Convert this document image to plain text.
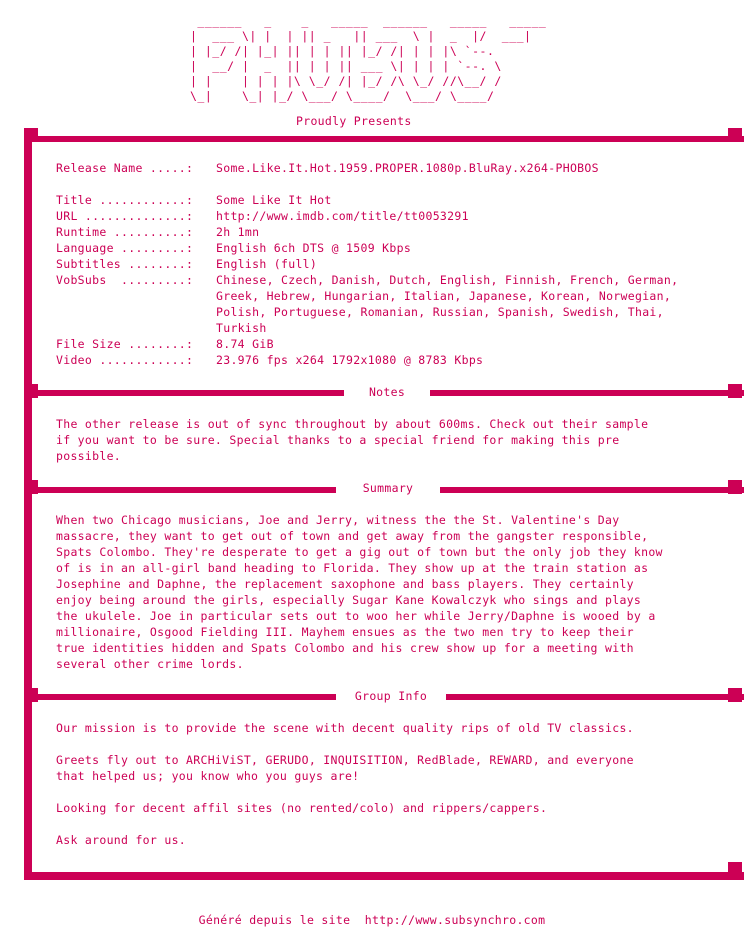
______   _    _   _____  ______   _____   _____
|  ___ \| |  | || _   || ___  \ |  _  |/  ___|
| |_/ /| |_| || | | || |_/ /| | | |\ `--.
|  __/ |  _  || | | || ___ \| | | | `--. \
| |    | | | |\ \_/ /| |_/ /\ \_/ //\__/ /
\_|    \_| |_/ \___/ \____/  \___/ \____/
Proudly Presents
Release Name .....:	Some.Like.It.Hot.1959.PROPER.1080p.BluRay.x264-PHOBOS
Title ............:	Some Like It Hot
URL ..............:	http://www.imdb.com/title/tt0053291
Runtime ..........:	2h 1mn
Language .........:	English 6ch DTS @ 1509 Kbps
Subtitles ........:	English (full)
VobSubs  .........:	Chinese, Czech, Danish, Dutch, English, Finnish, French, German,
Greek, Hebrew, Hungarian, Italian, Japanese, Korean, Norwegian,
Polish, Portuguese, Romanian, Russian, Spanish, Swedish, Thai,
Turkish
File Size ........:	8.74 GiB
Video ............:	23.976 fps x264 1792x1080 @ 8783 Kbps
Notes
The other release is out of sync throughout by about 600ms. Check out their sample
if you want to be sure. Special thanks to a special friend for making this pre
possible.
Summary
When two Chicago musicians, Joe and Jerry, witness the the St. Valentine's Day
massacre, they want to get out of town and get away from the gangster responsible,
Spats Colombo. They're desperate to get a gig out of town but the only job they know
of is in an all-girl band heading to Florida. They show up at the train station as
Josephine and Daphne, the replacement saxophone and bass players. They certainly
enjoy being around the girls, especially Sugar Kane Kowalczyk who sings and plays
the ukulele. Joe in particular sets out to woo her while Jerry/Daphne is wooed by a
millionaire, Osgood Fielding III. Mayhem ensues as the two men try to keep their
true identities hidden and Spats Colombo and his crew show up for a meeting with
several other crime lords.
Group Info
Our mission is to provide the scene with decent quality rips of old TV classics.
Greets fly out to ARCHiViST, GERUDO, INQUISITION, RedBlade, REWARD, and everyone
that helped us; you know who you guys are!
Looking for decent affil sites (no rented/colo) and rippers/cappers.
Ask around for us.
Généré depuis le site  http://www.subsynchro.com
